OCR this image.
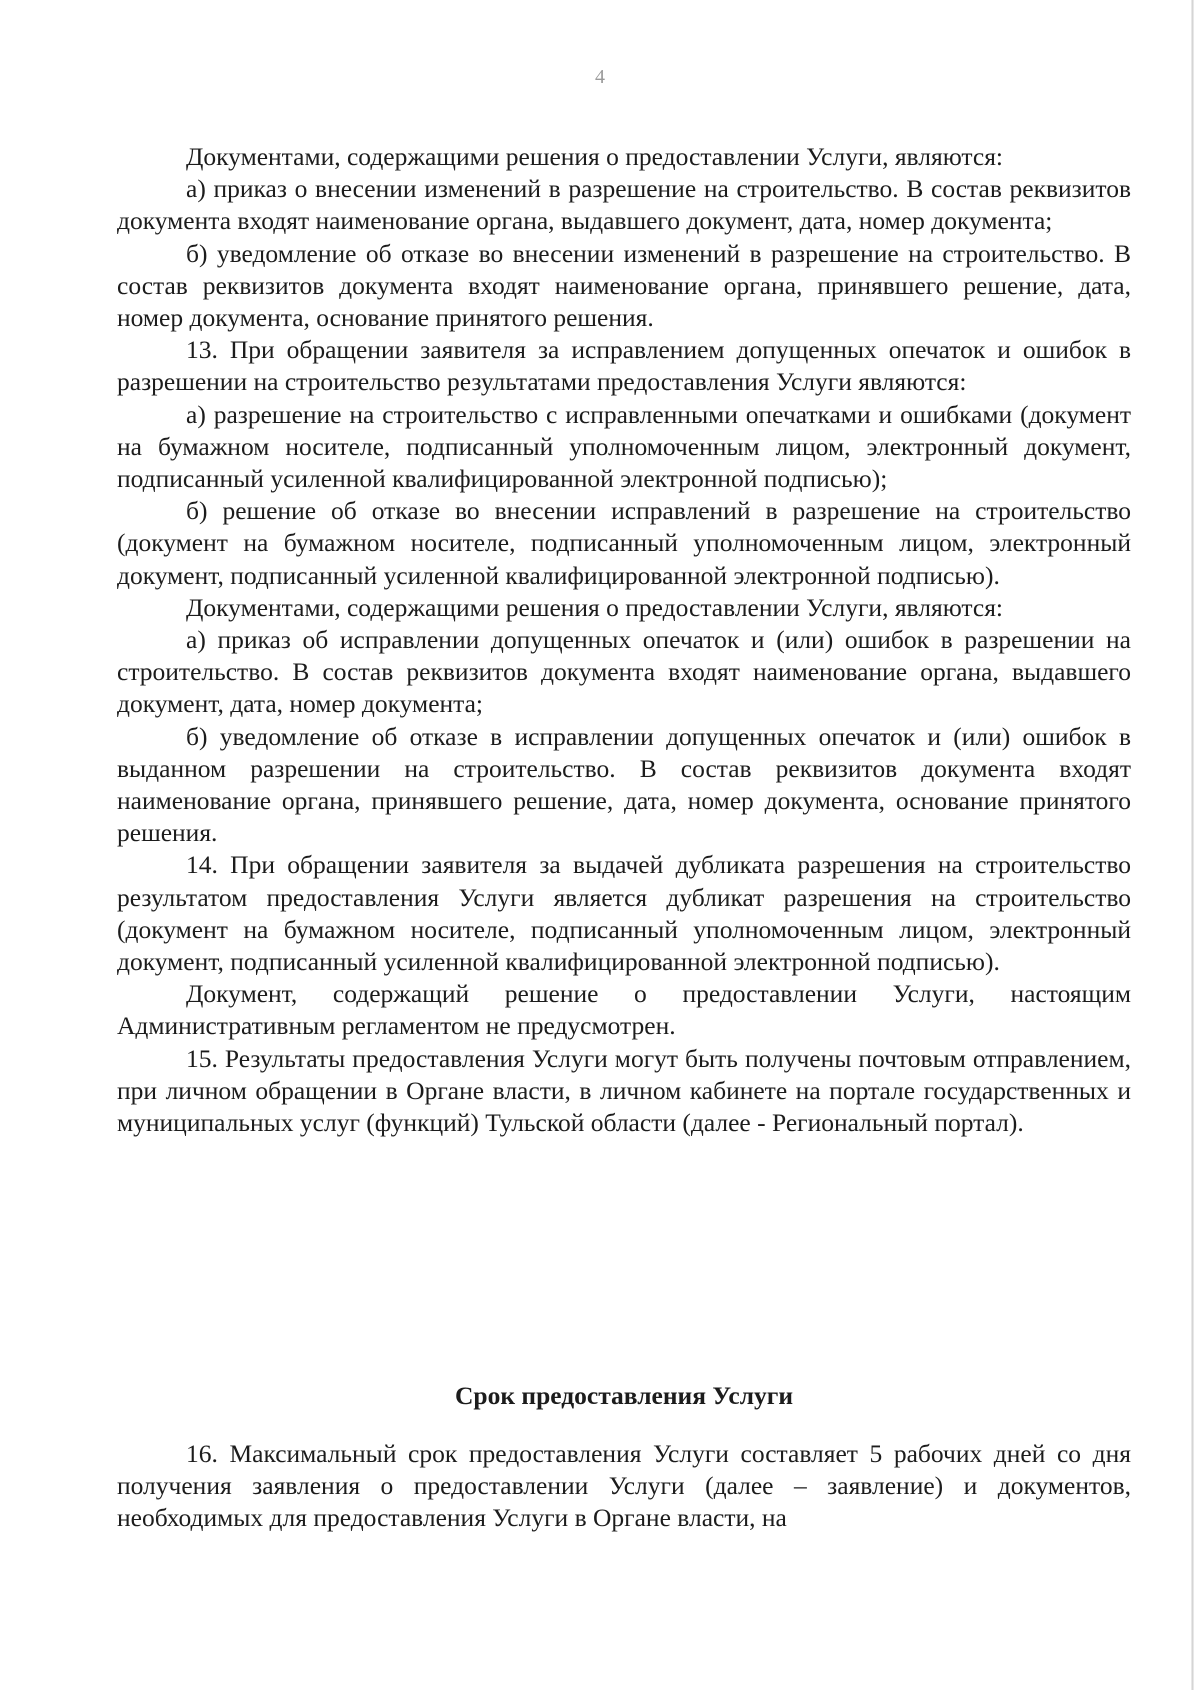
4

Документами, содержащими решения о предоставлении Услуги, являются:

а) приказ о внесении изменений в разрешение на строительство. В состав реквизитов документа входят наименование органа, выдавшего документ, дата, номер документа;

б) уведомление об отказе во внесении изменений в разрешение на строительство. В состав реквизитов документа входят наименование органа, принявшего решение, дата, номер документа, основание принятого решения.

13. При обращении заявителя за исправлением допущенных опечаток и ошибок в разрешении на строительство результатами предоставления Услуги являются:

а) разрешение на строительство с исправленными опечатками и ошибками (документ на бумажном носителе, подписанный уполномоченным лицом, электронный документ, подписанный усиленной квалифицированной электронной подписью);

б) решение об отказе во внесении исправлений в разрешение на строительство (документ на бумажном носителе, подписанный уполномоченным лицом, электронный документ, подписанный усиленной квалифицированной электронной подписью).

Документами, содержащими решения о предоставлении Услуги, являются:

а) приказ об исправлении допущенных опечаток и (или) ошибок в разрешении на строительство. В состав реквизитов документа входят наименование органа, выдавшего документ, дата, номер документа;

б) уведомление об отказе в исправлении допущенных опечаток и (или) ошибок в выданном разрешении на строительство. В состав реквизитов документа входят наименование органа, принявшего решение, дата, номер документа, основание принятого решения.

14. При обращении заявителя за выдачей дубликата разрешения на строительство результатом предоставления Услуги является дубликат разрешения на строительство (документ на бумажном носителе, подписанный уполномоченным лицом, электронный документ, подписанный усиленной квалифицированной электронной подписью).

Документ, содержащий решение о предоставлении Услуги, настоящим Административным регламентом не предусмотрен.

15. Результаты предоставления Услуги могут быть получены почтовым отправлением, при личном обращении в Органе власти, в личном кабинете на портале государственных и муниципальных услуг (функций) Тульской области (далее - Региональный портал).

Срок предоставления Услуги

16. Максимальный срок предоставления Услуги составляет 5 рабочих дней со дня получения заявления о предоставлении Услуги (далее – заявление) и документов, необходимых для предоставления Услуги в Органе власти, на
